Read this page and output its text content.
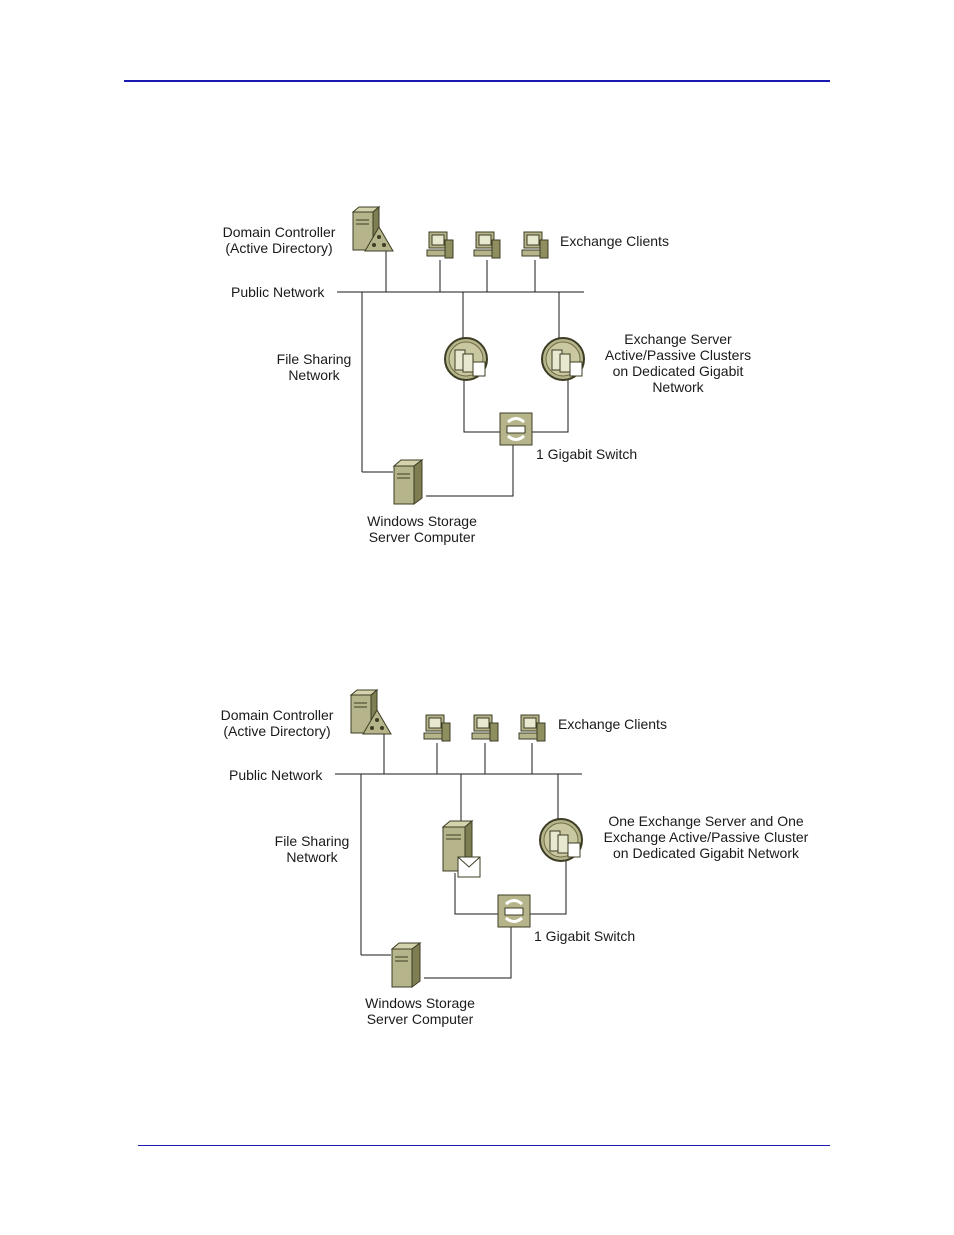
Domain Controller
(Active Directory)	Exchange Clients
Public Network
File Sharing
Network
Exchange Server
Active/Passive Clusters
on Dedicated Gigabit
Network
1 Gigabit Switch
Windows Storage
Server Computer
Domain Controller
(Active Directory)	Exchange Clients
Public Network
File Sharing
Network
One Exchange Server and One
Exchange Active/Passive Cluster
on Dedicated Gigabit Network
1 Gigabit Switch
Windows Storage
Server Computer
